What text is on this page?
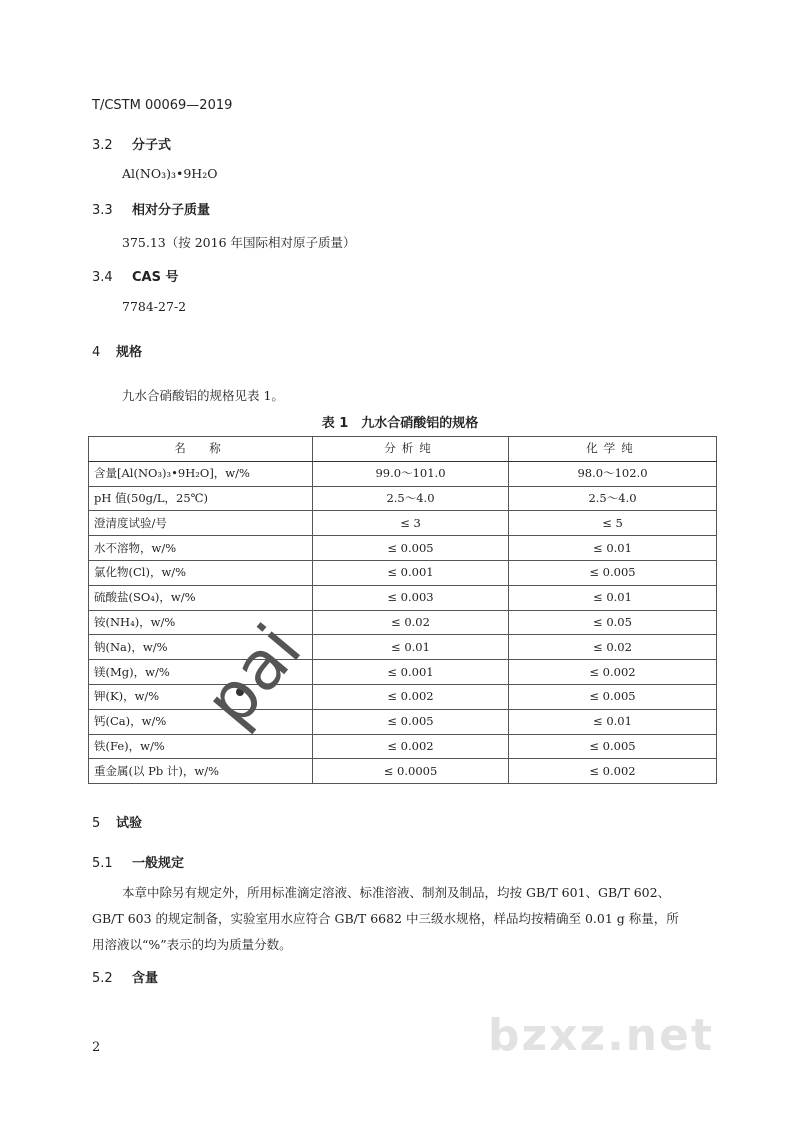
T/CSTM 00069—2019
3.2 分子式
Al(NO₃)₃•9H₂O
3.3 相对分子质量
375.13（按 2016 年国际相对原子质量）
3.4 CAS 号
7784-27-2
4 规格
九水合硝酸铝的规格见表 1。
表 1　九水合硝酸铝的规格
名　称	分析纯	化学纯
含量[Al(NO₃)₃•9H₂O]，w/%	99.0～101.0	98.0～102.0
pH 值(50g/L，25℃)	2.5～4.0	2.5～4.0
澄清度试验/号	≤ 3	≤ 5
水不溶物，w/%	≤ 0.005	≤ 0.01
氯化物(Cl)，w/%	≤ 0.001	≤ 0.005
硫酸盐(SO₄)，w/%	≤ 0.003	≤ 0.01
铵(NH₄)，w/%	≤ 0.02	≤ 0.05
钠(Na)，w/%	≤ 0.01	≤ 0.02
镁(Mg)，w/%	≤ 0.001	≤ 0.002
钾(K)，w/%	≤ 0.002	≤ 0.005
钙(Ca)，w/%	≤ 0.005	≤ 0.01
铁(Fe)，w/%	≤ 0.002	≤ 0.005
重金属(以 Pb 计)，w/%	≤ 0.0005	≤ 0.002
5 试验
5.1 一般规定
本章中除另有规定外，所用标准滴定溶液、标准溶液、制剂及制品，均按 GB/T 601、GB/T 602、
GB/T 603 的规定制备，实验室用水应符合 GB/T 6682 中三级水规格，样品均按精确至 0.01 g 称量，所
用溶液以“%”表示的均为质量分数。
5.2 含量
pai
bzxz.net
2
